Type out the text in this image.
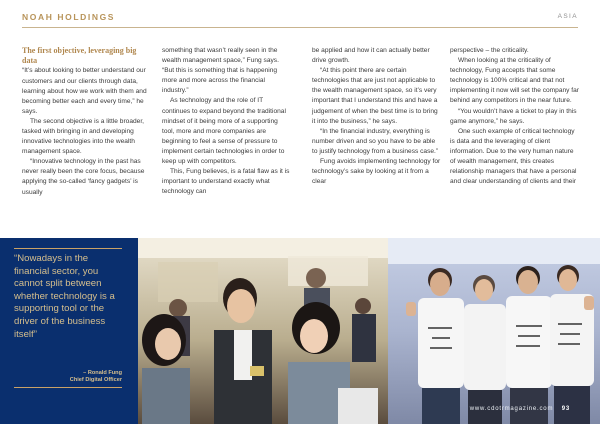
NOAH HOLDINGS	ASIA

The first objective, leveraging big data

“It’s about looking to better understand our customers and our clients through data, learning about how we work with them and becoming better each and every time,” he says.

The second objective is a little broader, tasked with bringing in and developing innovative technologies into the wealth management space.

“Innovative technology in the past has never really been the core focus, because applying the so-called ‘fancy gadgets’ is usually

something that wasn’t really seen in the wealth management space,” Fung says. “But this is something that is happening more and more across the financial industry.”

As technology and the role of IT continues to expand beyond the traditional mindset of it being more of a supporting tool, more and more companies are beginning to feel a sense of pressure to implement certain technologies in order to keep up with competitors.

This, Fung believes, is a fatal flaw as it is important to understand exactly what technology can

be applied and how it can actually better drive growth.

“At this point there are certain technologies that are just not applicable to the wealth management space, so it’s very important that I understand this and have a judgement of when the best time is to bring it into the business,” he says.

“In the financial industry, everything is number driven and so you have to be able to justify technology from a business case.”

Fung avoids implementing technology for technology’s sake by looking at it from a clear

perspective – the criticality.

When looking at the criticality of technology, Fung accepts that some technology is 100% critical and that not implementing it now will set the company far behind any competitors in the near future.

“You wouldn’t have a ticket to play in this game anymore,” he says.

One such example of critical technology is data and the leveraging of client information. Due to the very human nature of wealth management, this creates relationship managers that have a personal and clear understanding of clients and their

“Nowadays in the financial sector, you cannot split between whether technology is a supporting tool or the driver of the business itself”

– Ronald Fung
Chief Digital Officer
www.cdotrmagazine.com 93
